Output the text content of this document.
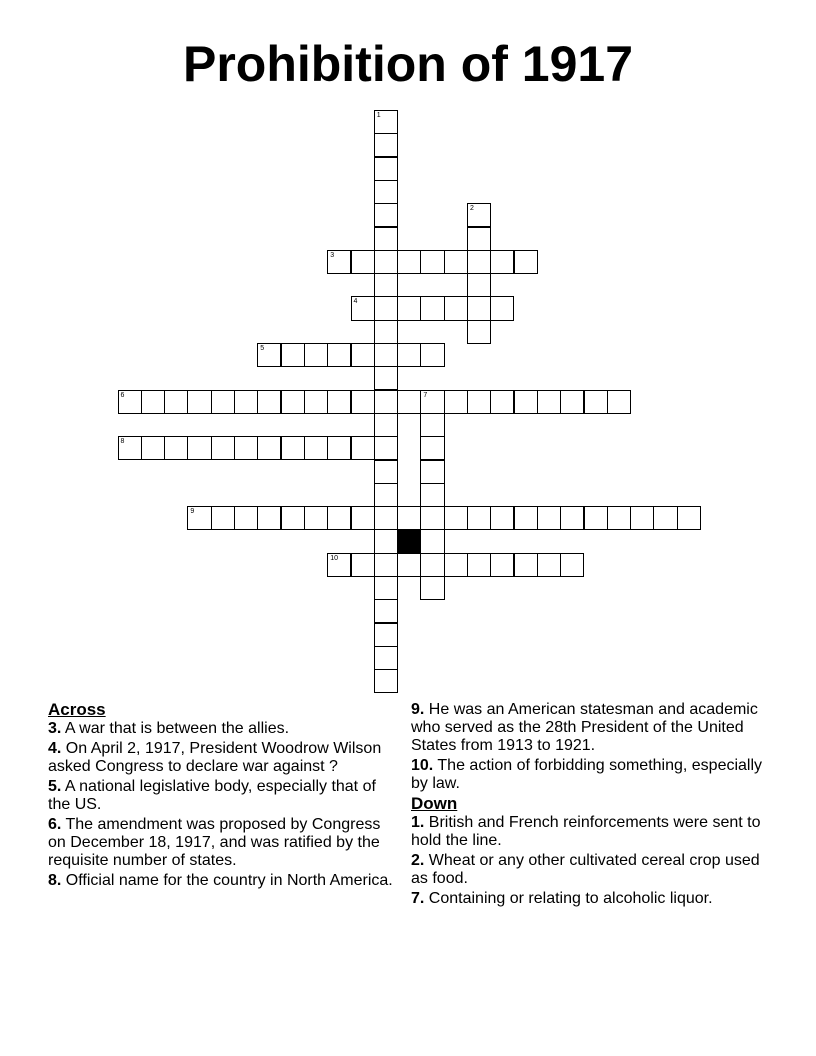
Prohibition of 1917
1
2
3
4
5
6	7
8
9
10
Across
3. A war that is between the allies.
4. On April 2, 1917, President Woodrow Wilson asked Congress to declare war against ?
5. A national legislative body, especially that of the US.
6. The amendment was proposed by Congress on December 18, 1917, and was ratified by the requisite number of states.
8. Official name for the country in North America.
9. He was an American statesman and academic who served as the 28th President of the United States from 1913 to 1921.
10. The action of forbidding something, especially by law.
Down
1. British and French reinforcements were sent to hold the line.
2. Wheat or any other cultivated cereal crop used as food.
7. Containing or relating to alcoholic liquor.
